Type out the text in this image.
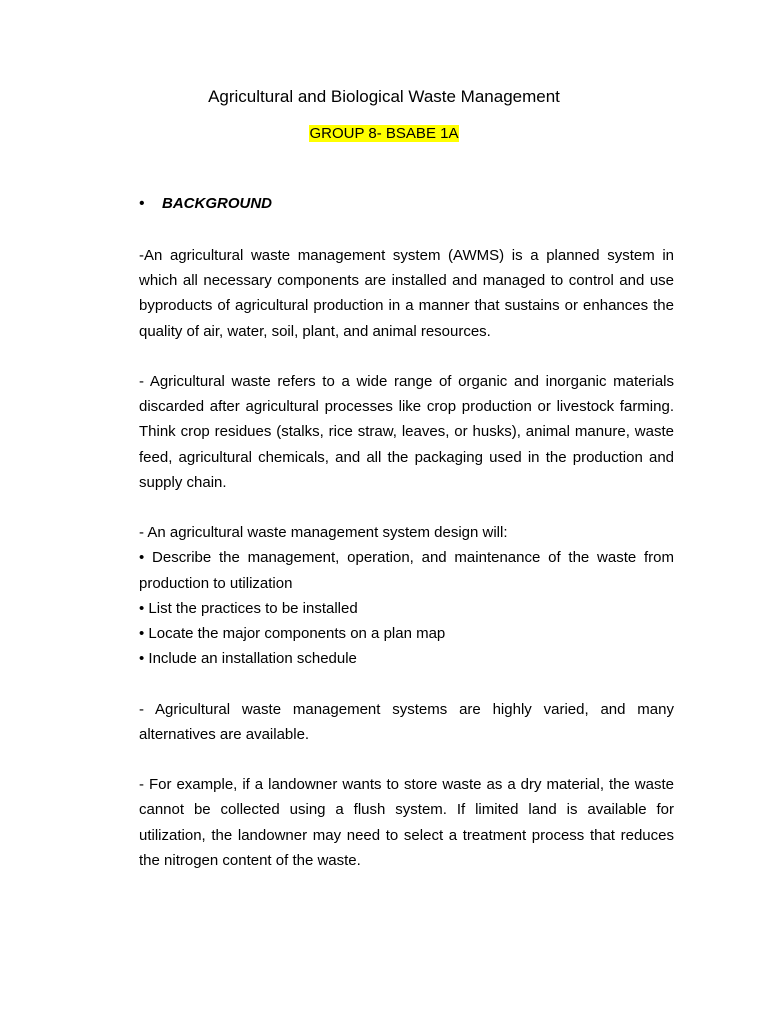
Agricultural and Biological Waste Management
GROUP 8- BSABE 1A
• BACKGROUND

-An agricultural waste management system (AWMS) is a planned system in which all necessary components are installed and managed to control and use byproducts of agricultural production in a manner that sustains or enhances the quality of air, water, soil, plant, and animal resources.

- Agricultural waste refers to a wide range of organic and inorganic materials discarded after agricultural processes like crop production or livestock farming. Think crop residues (stalks, rice straw, leaves, or husks), animal manure, waste feed, agricultural chemicals, and all the packaging used in the production and supply chain.

- An agricultural waste management system design will:
• Describe the management, operation, and maintenance of the waste from production to utilization
• List the practices to be installed
• Locate the major components on a plan map
• Include an installation schedule

- Agricultural waste management systems are highly varied, and many alternatives are available.

- For example, if a landowner wants to store waste as a dry material, the waste cannot be collected using a flush system. If limited land is available for utilization, the landowner may need to select a treatment process that reduces the nitrogen content of the waste.
